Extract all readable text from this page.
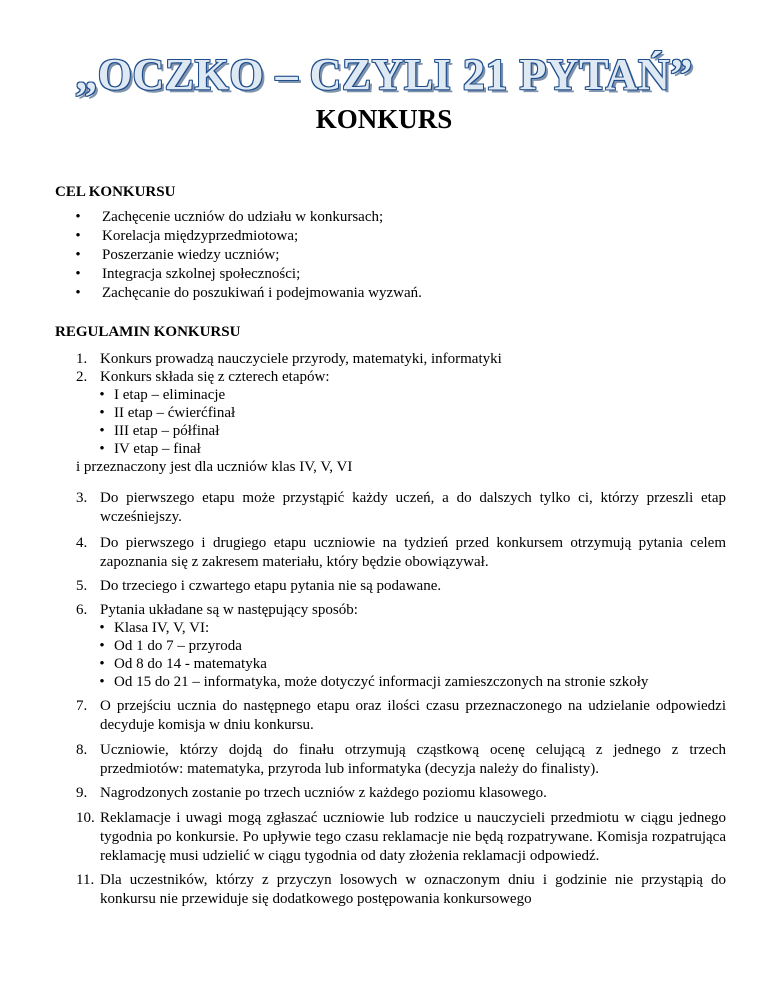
„OCZKO – CZYLI 21 PYTAŃ”
KONKURS
CEL KONKURSU
•	Zachęcenie uczniów do udziału w konkursach;
•	Korelacja międzyprzedmiotowa;
•	Poszerzanie wiedzy uczniów;
•	Integracja szkolnej społeczności;
•	Zachęcanie do poszukiwań i podejmowania wyzwań.
REGULAMIN KONKURSU
1. Konkurs prowadzą nauczyciele przyrody, matematyki, informatyki
2. Konkurs składa się z czterech etapów:
• I etap – eliminacje
• II etap – ćwierćfinał
• III etap – półfinał
• IV etap – finał
i przeznaczony jest dla uczniów klas IV, V, VI
3. Do pierwszego etapu może przystąpić każdy uczeń, a do dalszych tylko ci, którzy przeszli etap wcześniejszy.
4. Do pierwszego i drugiego etapu uczniowie na tydzień przed konkursem otrzymują pytania celem zapoznania się z zakresem materiału, który będzie obowiązywał.
5. Do trzeciego i czwartego etapu pytania nie są podawane.
6. Pytania układane są w następujący sposób:
• Klasa IV, V, VI:
• Od 1 do 7 – przyroda
• Od 8 do 14 - matematyka
• Od 15 do 21 – informatyka, może dotyczyć informacji zamieszczonych na stronie szkoły
7. O przejściu ucznia do następnego etapu oraz ilości czasu przeznaczonego na udzielanie odpowiedzi decyduje komisja w dniu konkursu.
8. Uczniowie, którzy dojdą do finału otrzymują cząstkową ocenę celującą z jednego z trzech przedmiotów: matematyka, przyroda lub informatyka (decyzja należy do finalisty).
9. Nagrodzonych zostanie po trzech uczniów z każdego poziomu klasowego.
10. Reklamacje i uwagi mogą zgłaszać uczniowie lub rodzice u nauczycieli przedmiotu w ciągu jednego tygodnia po konkursie. Po upływie tego czasu reklamacje nie będą rozpatrywane. Komisja rozpatrująca reklamację musi udzielić w ciągu tygodnia od daty złożenia reklamacji odpowiedź.
11. Dla uczestników, którzy z przyczyn losowych w oznaczonym dniu i godzinie nie przystąpią do konkursu nie przewiduje się dodatkowego postępowania konkursowego
